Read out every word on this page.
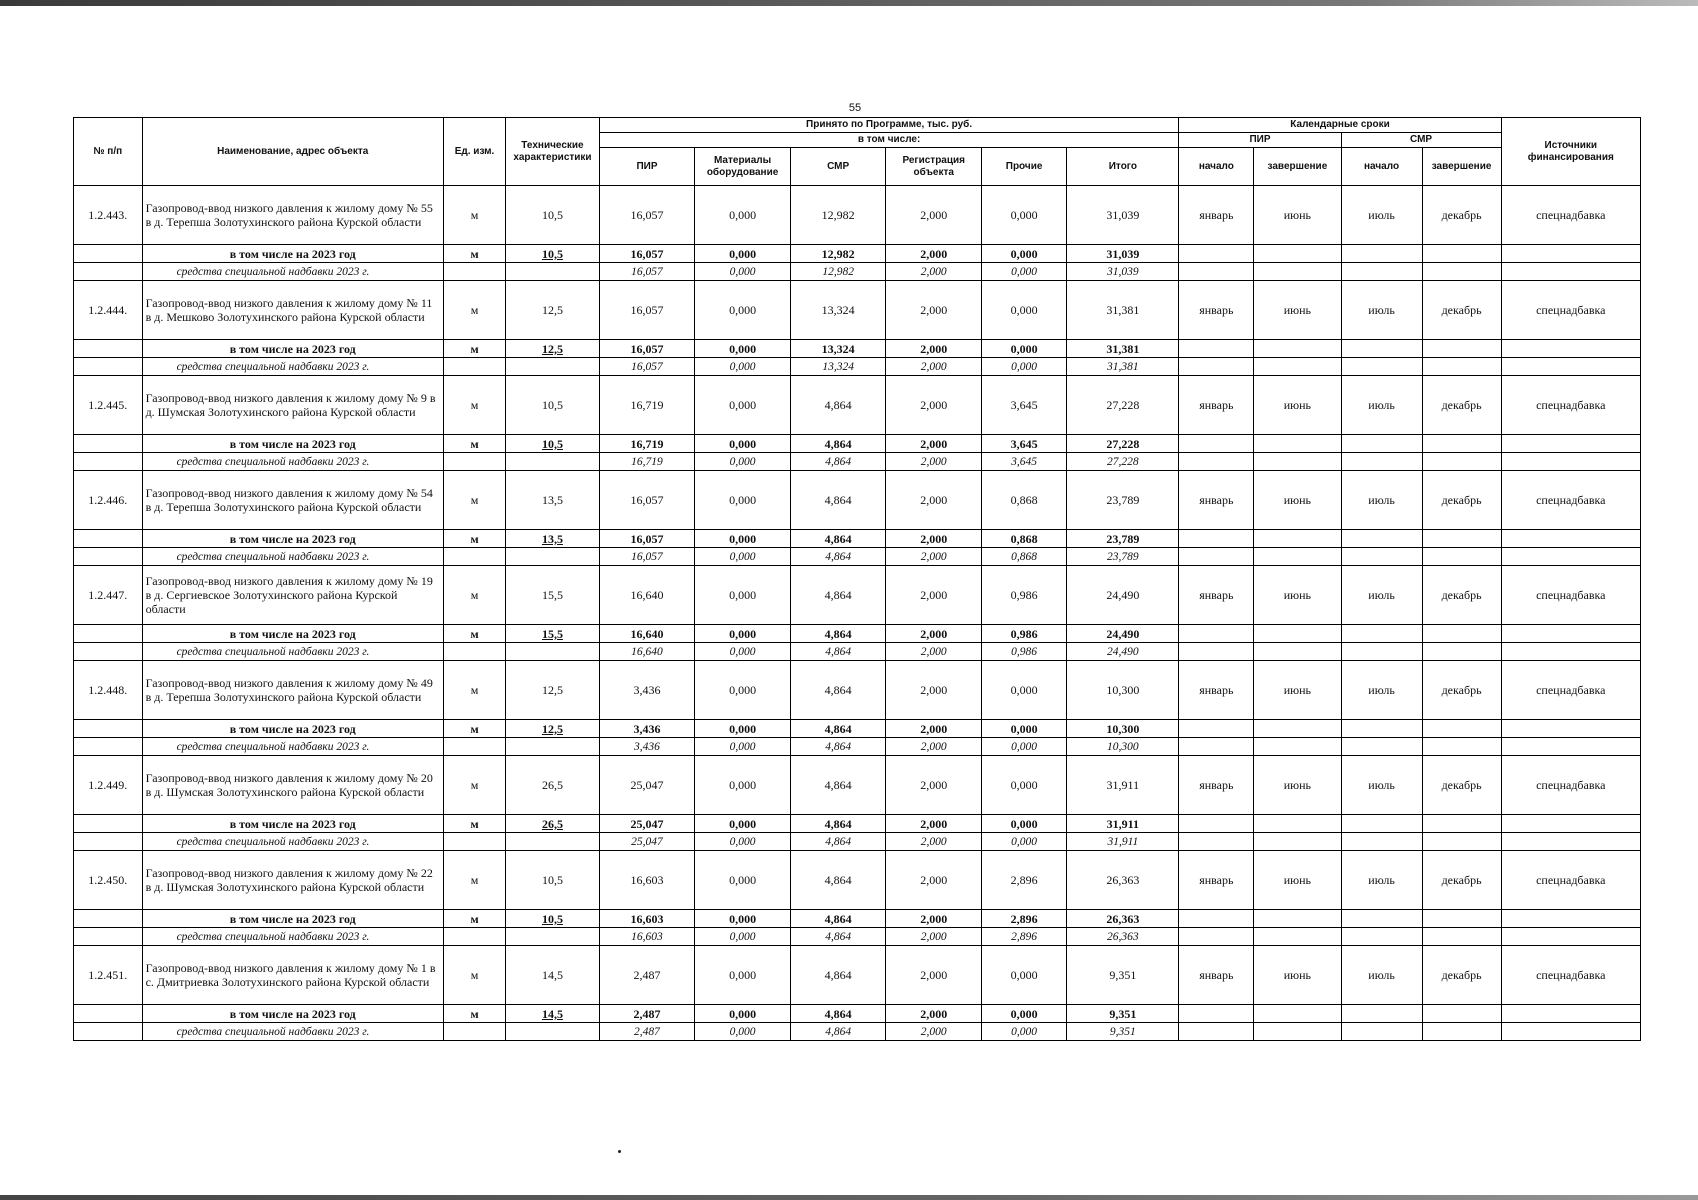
55
№ п/п	Наименование, адрес объекта	Ед. изм.	Технические характеристики	Принято по Программе, тыс. руб.						Календарные сроки				Источники финансирования
				в том числе:						ПИР		СМР		
				ПИР	Материалы оборудование	СМР	Регистрация объекта	Прочие	Итого	начало	завершение	начало	завершение	

1.2.443.	Газопровод-ввод низкого давления к жилому дому № 55 в д. Терепша Золотухинского района Курской области	м	10,5	16,057	0,000	12,982	2,000	0,000	31,039	январь	июнь	июль	декабрь	спецнадбавка
	в том числе на 2023 год	м	10,5	16,057	0,000	12,982	2,000	0,000	31,039					
	средства специальной надбавки 2023 г.			16,057	0,000	12,982	2,000	0,000	31,039					
1.2.444.	Газопровод-ввод низкого давления к жилому дому № 11 в д. Мешково Золотухинского района Курской области	м	12,5	16,057	0,000	13,324	2,000	0,000	31,381	январь	июнь	июль	декабрь	спецнадбавка
	в том числе на 2023 год	м	12,5	16,057	0,000	13,324	2,000	0,000	31,381					
	средства специальной надбавки 2023 г.			16,057	0,000	13,324	2,000	0,000	31,381					
1.2.445.	Газопровод-ввод низкого давления к жилому дому № 9 в д. Шумская Золотухинского района Курской области	м	10,5	16,719	0,000	4,864	2,000	3,645	27,228	январь	июнь	июль	декабрь	спецнадбавка
	в том числе на 2023 год	м	10,5	16,719	0,000	4,864	2,000	3,645	27,228					
	средства специальной надбавки 2023 г.			16,719	0,000	4,864	2,000	3,645	27,228					
1.2.446.	Газопровод-ввод низкого давления к жилому дому № 54 в д. Терепша Золотухинского района Курской области	м	13,5	16,057	0,000	4,864	2,000	0,868	23,789	январь	июнь	июль	декабрь	спецнадбавка
	в том числе на 2023 год	м	13,5	16,057	0,000	4,864	2,000	0,868	23,789					
	средства специальной надбавки 2023 г.			16,057	0,000	4,864	2,000	0,868	23,789					
1.2.447.	Газопровод-ввод низкого давления к жилому дому № 19 в д. Сергиевское Золотухинского района Курской области	м	15,5	16,640	0,000	4,864	2,000	0,986	24,490	январь	июнь	июль	декабрь	спецнадбавка
	в том числе на 2023 год	м	15,5	16,640	0,000	4,864	2,000	0,986	24,490					
	средства специальной надбавки 2023 г.			16,640	0,000	4,864	2,000	0,986	24,490					
1.2.448.	Газопровод-ввод низкого давления к жилому дому № 49 в д. Терепша Золотухинского района Курской области	м	12,5	3,436	0,000	4,864	2,000	0,000	10,300	январь	июнь	июль	декабрь	спецнадбавка
	в том числе на 2023 год	м	12,5	3,436	0,000	4,864	2,000	0,000	10,300					
	средства специальной надбавки 2023 г.			3,436	0,000	4,864	2,000	0,000	10,300					
1.2.449.	Газопровод-ввод низкого давления к жилому дому № 20 в д. Шумская Золотухинского района Курской области	м	26,5	25,047	0,000	4,864	2,000	0,000	31,911	январь	июнь	июль	декабрь	спецнадбавка
	в том числе на 2023 год	м	26,5	25,047	0,000	4,864	2,000	0,000	31,911					
	средства специальной надбавки 2023 г.			25,047	0,000	4,864	2,000	0,000	31,911					
1.2.450.	Газопровод-ввод низкого давления к жилому дому № 22 в д. Шумская Золотухинского района Курской области	м	10,5	16,603	0,000	4,864	2,000	2,896	26,363	январь	июнь	июль	декабрь	спецнадбавка
	в том числе на 2023 год	м	10,5	16,603	0,000	4,864	2,000	2,896	26,363					
	средства специальной надбавки 2023 г.			16,603	0,000	4,864	2,000	2,896	26,363					
1.2.451.	Газопровод-ввод низкого давления к жилому дому № 1 в с. Дмитриевка Золотухинского района Курской области	м	14,5	2,487	0,000	4,864	2,000	0,000	9,351	январь	июнь	июль	декабрь	спецнадбавка
	в том числе на 2023 год	м	14,5	2,487	0,000	4,864	2,000	0,000	9,351					
	средства специальной надбавки 2023 г.			2,487	0,000	4,864	2,000	0,000	9,351					
